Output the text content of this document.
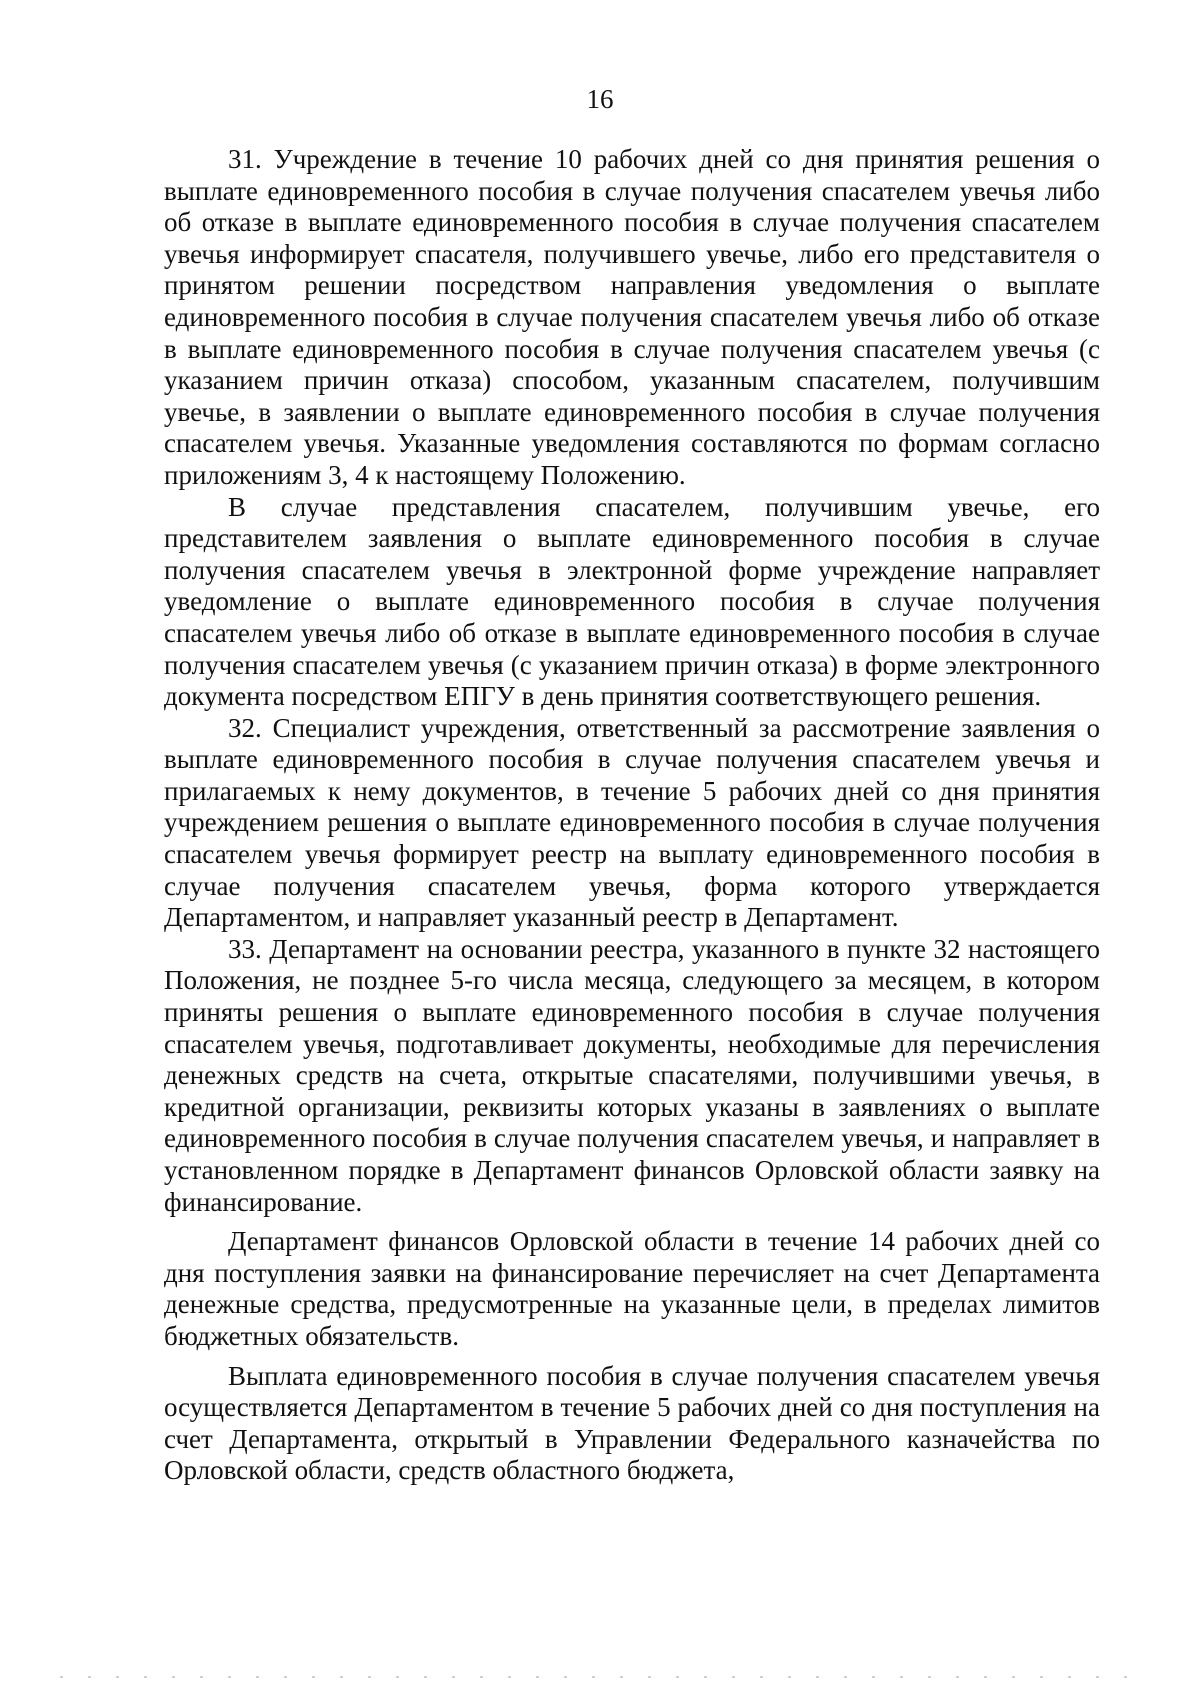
16

31. Учреждение в течение 10 рабочих дней со дня принятия решения о выплате единовременного пособия в случае получения спасателем увечья либо об отказе в выплате единовременного пособия в случае получения спасателем увечья информирует спасателя, получившего увечье, либо его представителя о принятом решении посредством направления уведомления о выплате единовременного пособия в случае получения спасателем увечья либо об отказе в выплате единовременного пособия в случае получения спасателем увечья (с указанием причин отказа) способом, указанным спасателем, получившим увечье, в заявлении о выплате единовременного пособия в случае получения спасателем увечья. Указанные уведомления составляются по формам согласно приложениям 3, 4 к настоящему Положению.

В случае представления спасателем, получившим увечье, его представителем заявления о выплате единовременного пособия в случае получения спасателем увечья в электронной форме учреждение направляет уведомление о выплате единовременного пособия в случае получения спасателем увечья либо об отказе в выплате единовременного пособия в случае получения спасателем увечья (с указанием причин отказа) в форме электронного документа посредством ЕПГУ в день принятия соответствующего решения.

32. Специалист учреждения, ответственный за рассмотрение заявления о выплате единовременного пособия в случае получения спасателем увечья и прилагаемых к нему документов, в течение 5 рабочих дней со дня принятия учреждением решения о выплате единовременного пособия в случае получения спасателем увечья формирует реестр на выплату единовременного пособия в случае получения спасателем увечья, форма которого утверждается Департаментом, и направляет указанный реестр в Департамент.

33. Департамент на основании реестра, указанного в пункте 32 настоящего Положения, не позднее 5-го числа месяца, следующего за месяцем, в котором приняты решения о выплате единовременного пособия в случае получения спасателем увечья, подготавливает документы, необходимые для перечисления денежных средств на счета, открытые спасателями, получившими увечья, в кредитной организации, реквизиты которых указаны в заявлениях о выплате единовременного пособия в случае получения спасателем увечья, и направляет в установленном порядке в Департамент финансов Орловской области заявку на финансирование.

Департамент финансов Орловской области в течение 14 рабочих дней со дня поступления заявки на финансирование перечисляет на счет Департамента денежные средства, предусмотренные на указанные цели, в пределах лимитов бюджетных обязательств.

Выплата единовременного пособия в случае получения спасателем увечья осуществляется Департаментом в течение 5 рабочих дней со дня поступления на счет Департамента, открытый в Управлении Федерального казначейства по Орловской области, средств областного бюджета,
